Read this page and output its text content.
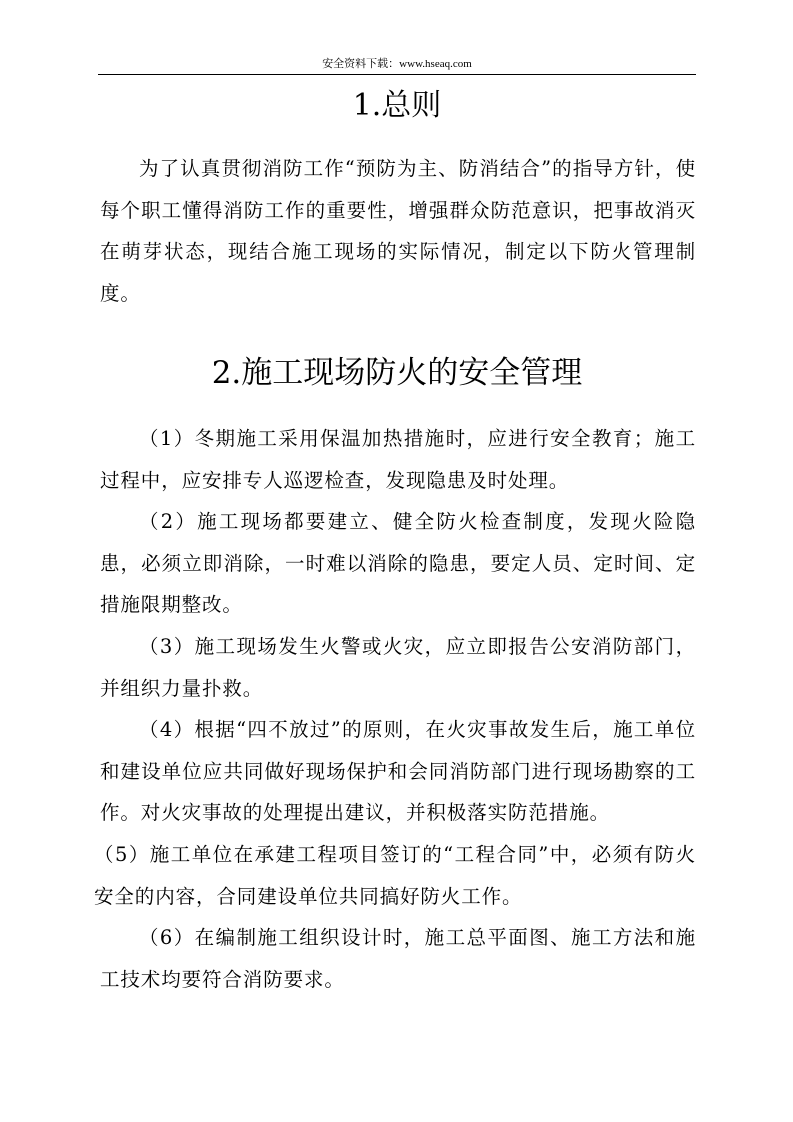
安全资料下载：www.hseaq.com
1.总则

为了认真贯彻消防工作“预防为主、防消结合”的指导方针，使每个职工懂得消防工作的重要性，增强群众防范意识，把事故消灭在萌芽状态，现结合施工现场的实际情况，制定以下防火管理制度。

2.施工现场防火的安全管理

（1）冬期施工采用保温加热措施时，应进行安全教育；施工过程中，应安排专人巡逻检查，发现隐患及时处理。

（2）施工现场都要建立、健全防火检查制度，发现火险隐患，必须立即消除，一时难以消除的隐患，要定人员、定时间、定措施限期整改。

（3）施工现场发生火警或火灾，应立即报告公安消防部门，并组织力量扑救。

（4）根据“四不放过”的原则，在火灾事故发生后，施工单位和建设单位应共同做好现场保护和会同消防部门进行现场勘察的工作。对火灾事故的处理提出建议，并积极落实防范措施。

（5）施工单位在承建工程项目签订的“工程合同”中，必须有防火安全的内容，合同建设单位共同搞好防火工作。

（6）在编制施工组织设计时，施工总平面图、施工方法和施工技术均要符合消防要求。
